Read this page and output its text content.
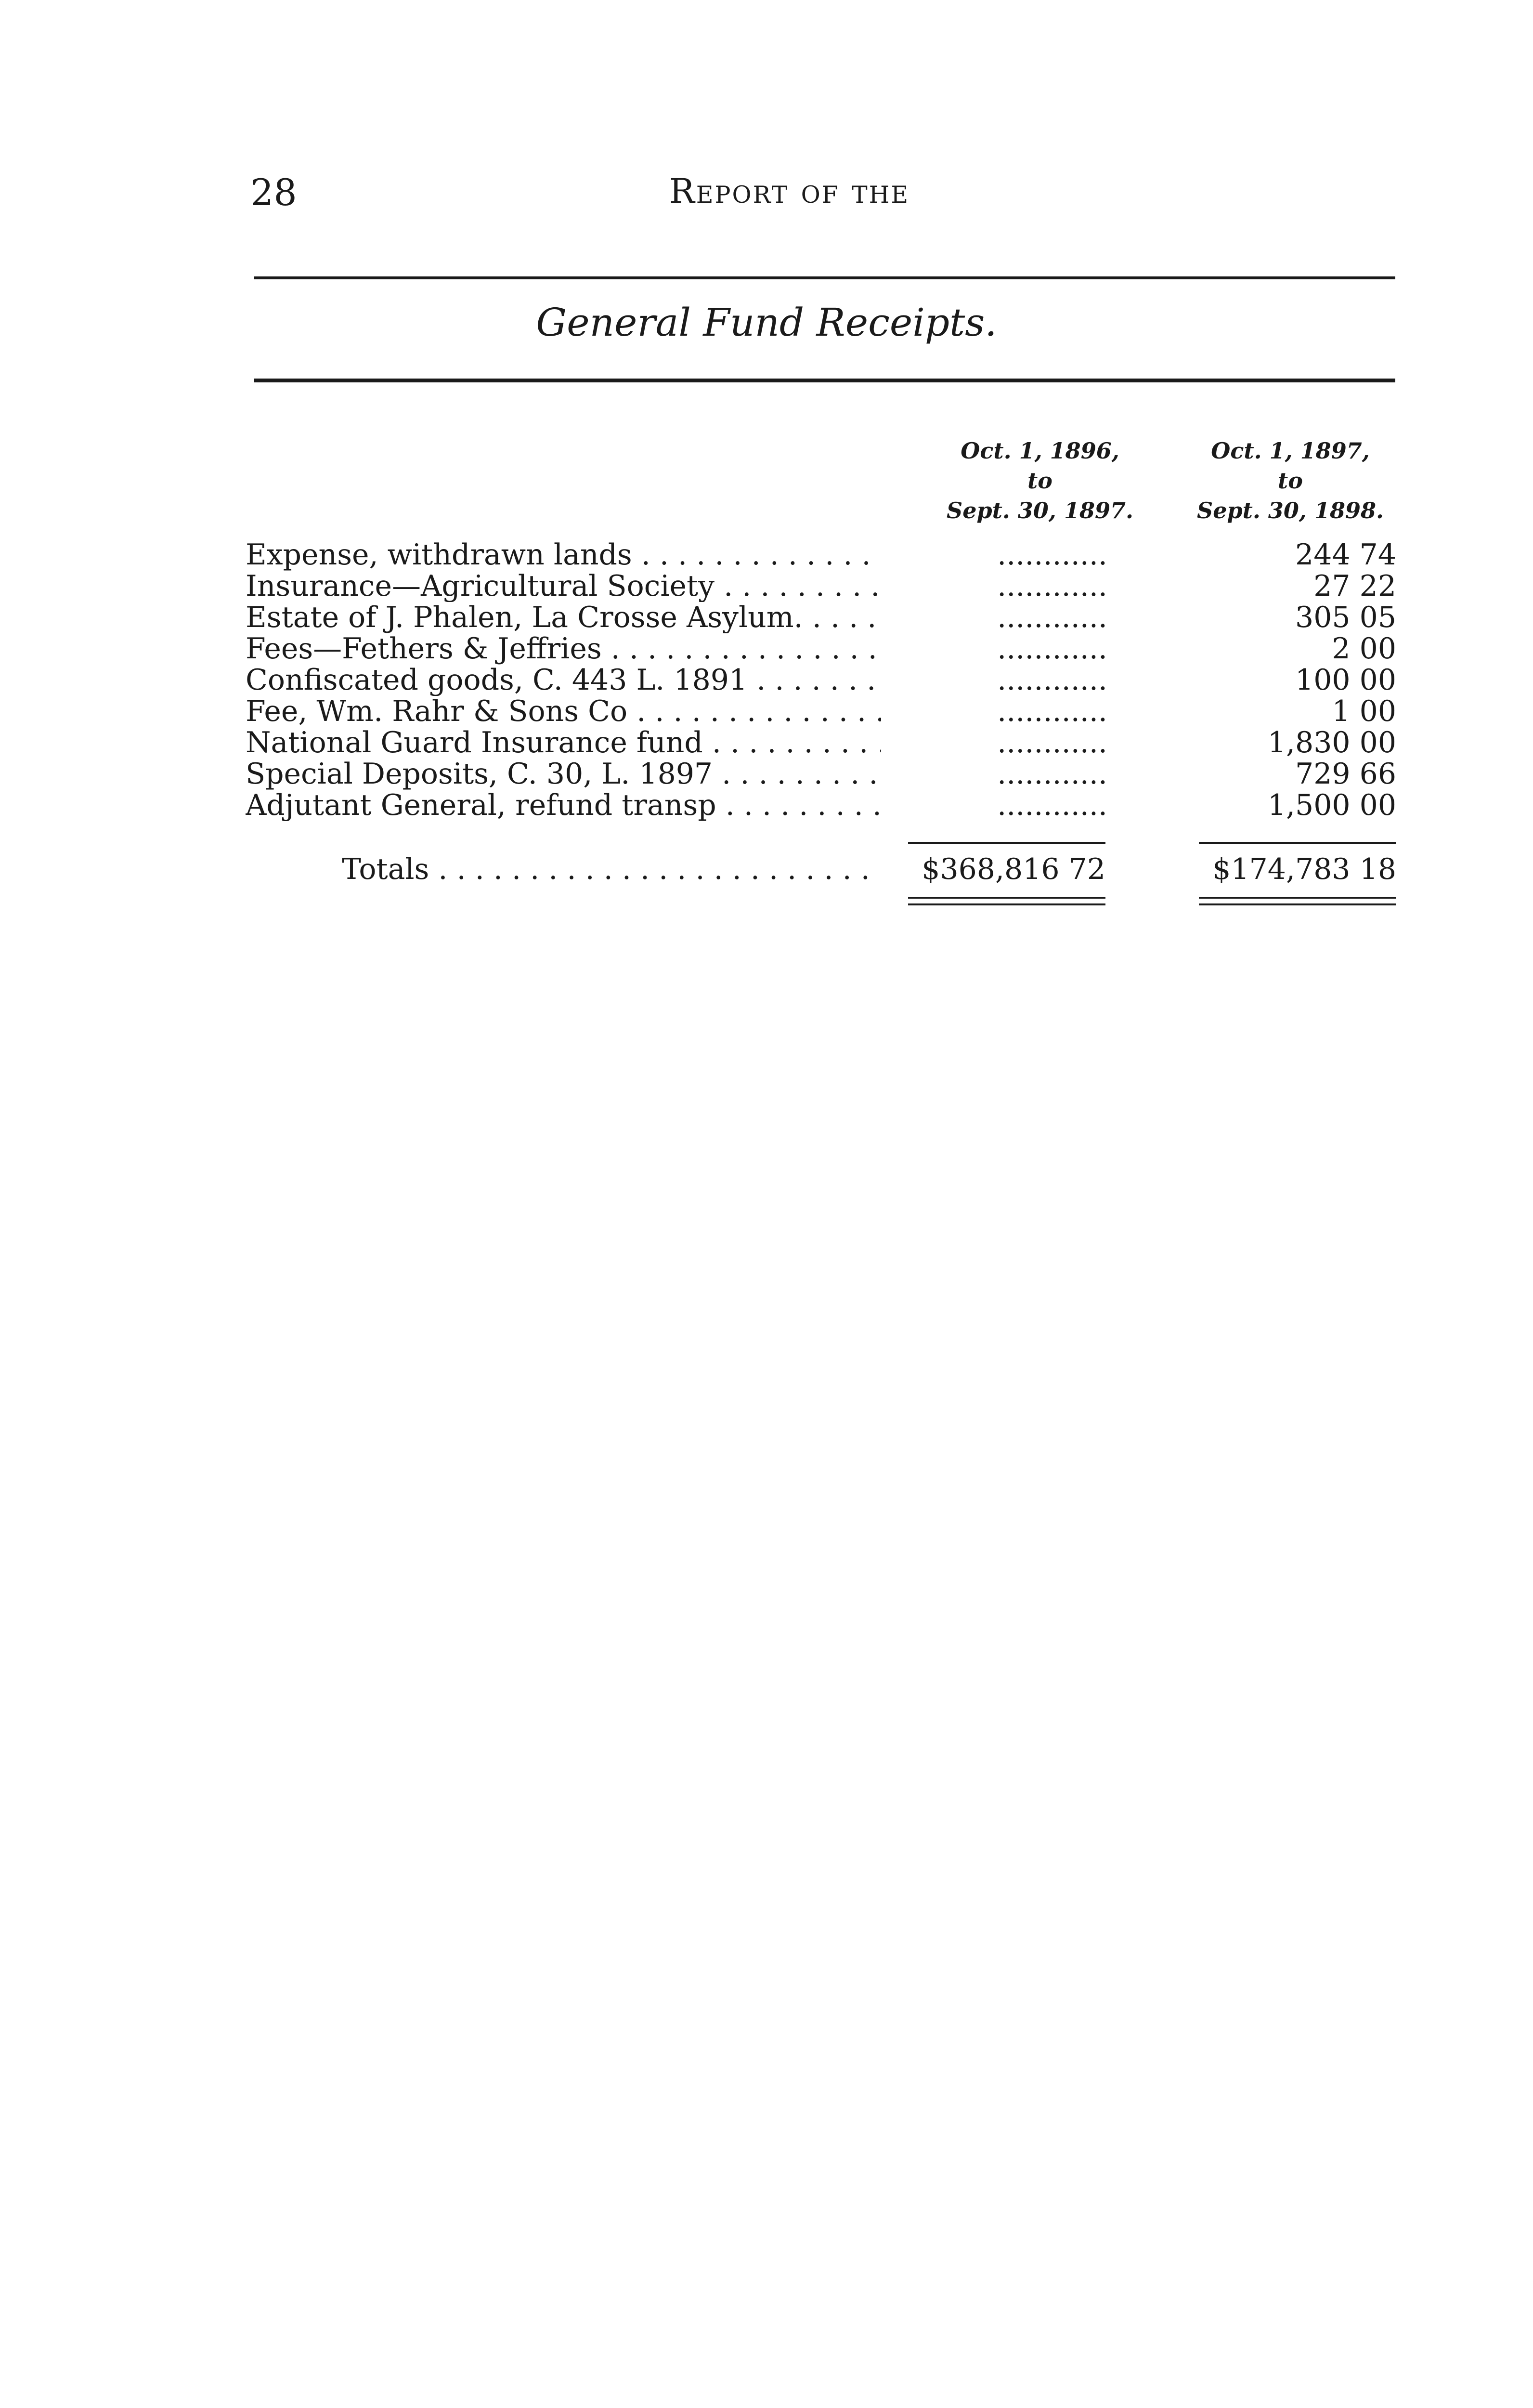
28	Report of the
General Fund Receipts.
Oct. 1, 1896,
to
Sept. 30, 1897.
Oct. 1, 1897,
to
Sept. 30, 1898.
Expense, withdrawn lands . . .	............	244 74
Insurance—Agricultural Society . . .	............	27 22
Estate of J. Phalen, La Crosse Asylum. . . .	............	305 05
Fees—Fethers & Jeffries . . .	............	2 00
Confiscated goods, C. 443 L. 1891 . . .	............	100 00
Fee, Wm. Rahr & Sons Co . . .	............	1 00
National Guard Insurance fund . . .	............	1,830 00
Special Deposits, C. 30, L. 1897 . . .	............	729 66
Adjutant General, refund transp . . .	............	1,500 00
Totals . . .	$368,816 72	$174,783 18
